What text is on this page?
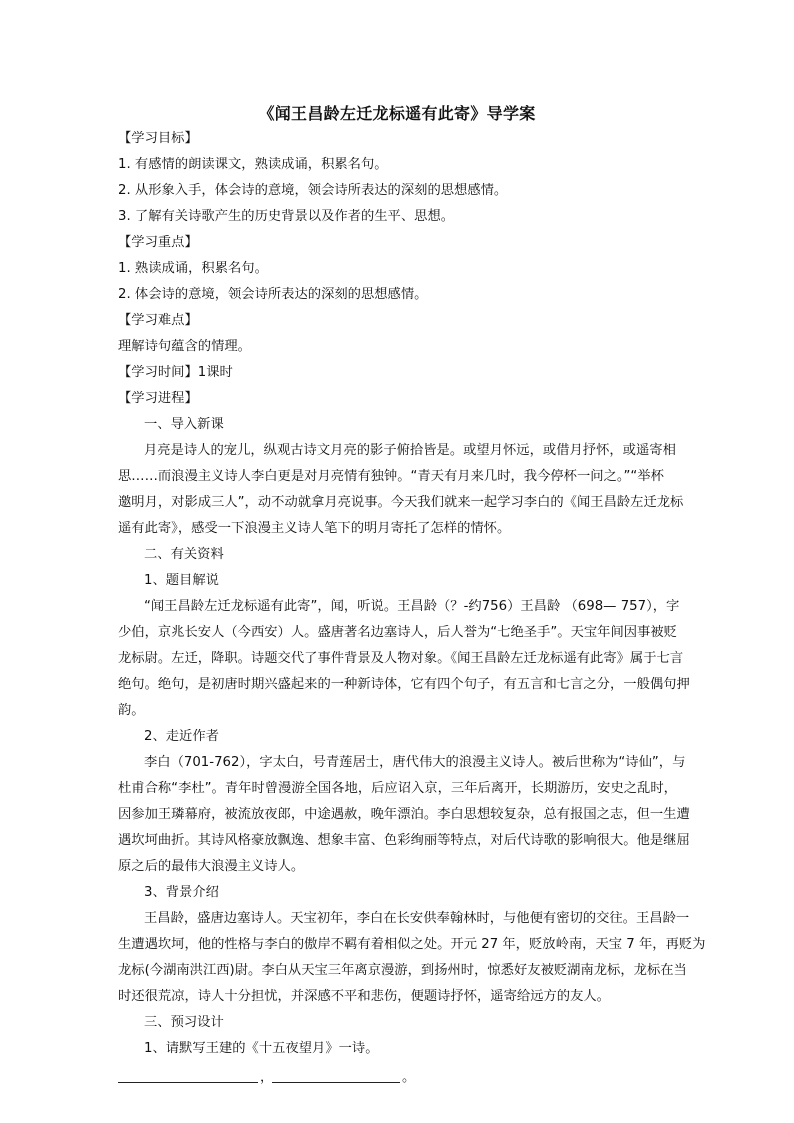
《闻王昌龄左迁龙标遥有此寄》导学案
【学习目标】
1. 有感情的朗读课文，熟读成诵，积累名句。
2. 从形象入手，体会诗的意境，领会诗所表达的深刻的思想感情。
3. 了解有关诗歌产生的历史背景以及作者的生平、思想。
【学习重点】
1. 熟读成诵，积累名句。
2. 体会诗的意境，领会诗所表达的深刻的思想感情。
【学习难点】
理解诗句蕴含的情理。
【学习时间】1课时
【学习进程】
一、导入新课
月亮是诗人的宠儿，纵观古诗文月亮的影子俯拾皆是。或望月怀远，或借月抒怀，或遥寄相
思……而浪漫主义诗人李白更是对月亮情有独钟。“青天有月来几时，我今停杯一问之。”“举杯
邀明月，对影成三人”，动不动就拿月亮说事。今天我们就来一起学习李白的《闻王昌龄左迁龙标
遥有此寄》，感受一下浪漫主义诗人笔下的明月寄托了怎样的情怀。
二、有关资料
1、题目解说
“闻王昌龄左迁龙标遥有此寄”，闻，听说。王昌龄（？-约756）王昌龄 （698— 757），字
少伯，京兆长安人（今西安）人。盛唐著名边塞诗人，后人誉为“七绝圣手”。天宝年间因事被贬
龙标尉。左迁，降职。诗题交代了事件背景及人物对象。《闻王昌龄左迁龙标遥有此寄》属于七言
绝句。绝句，是初唐时期兴盛起来的一种新诗体，它有四个句子，有五言和七言之分，一般偶句押
韵。
2、走近作者
李白（701-762），字太白，号青莲居士，唐代伟大的浪漫主义诗人。被后世称为“诗仙”，与
杜甫合称“李杜”。青年时曾漫游全国各地，后应诏入京，三年后离开，长期游历，安史之乱时，
因参加王璘幕府，被流放夜郎，中途遇赦，晚年漂泊。李白思想较复杂，总有报国之志，但一生遭
遇坎坷曲折。其诗风格豪放飘逸、想象丰富、色彩绚丽等特点，对后代诗歌的影响很大。他是继屈
原之后的最伟大浪漫主义诗人。
3、背景介绍
王昌龄，盛唐边塞诗人。天宝初年，李白在长安供奉翰林时，与他便有密切的交往。王昌龄一
生遭遇坎坷，他的性格与李白的傲岸不羁有着相似之处。开元 27 年，贬放岭南，天宝 7 年，再贬为
龙标(今湖南洪江西)尉。李白从天宝三年离京漫游，到扬州时，惊悉好友被贬湖南龙标，龙标在当
时还很荒凉，诗人十分担忧，并深感不平和悲伤，便题诗抒怀，遥寄给远方的友人。
三、预习设计
1、请默写王建的《十五夜望月》一诗。
，	。
